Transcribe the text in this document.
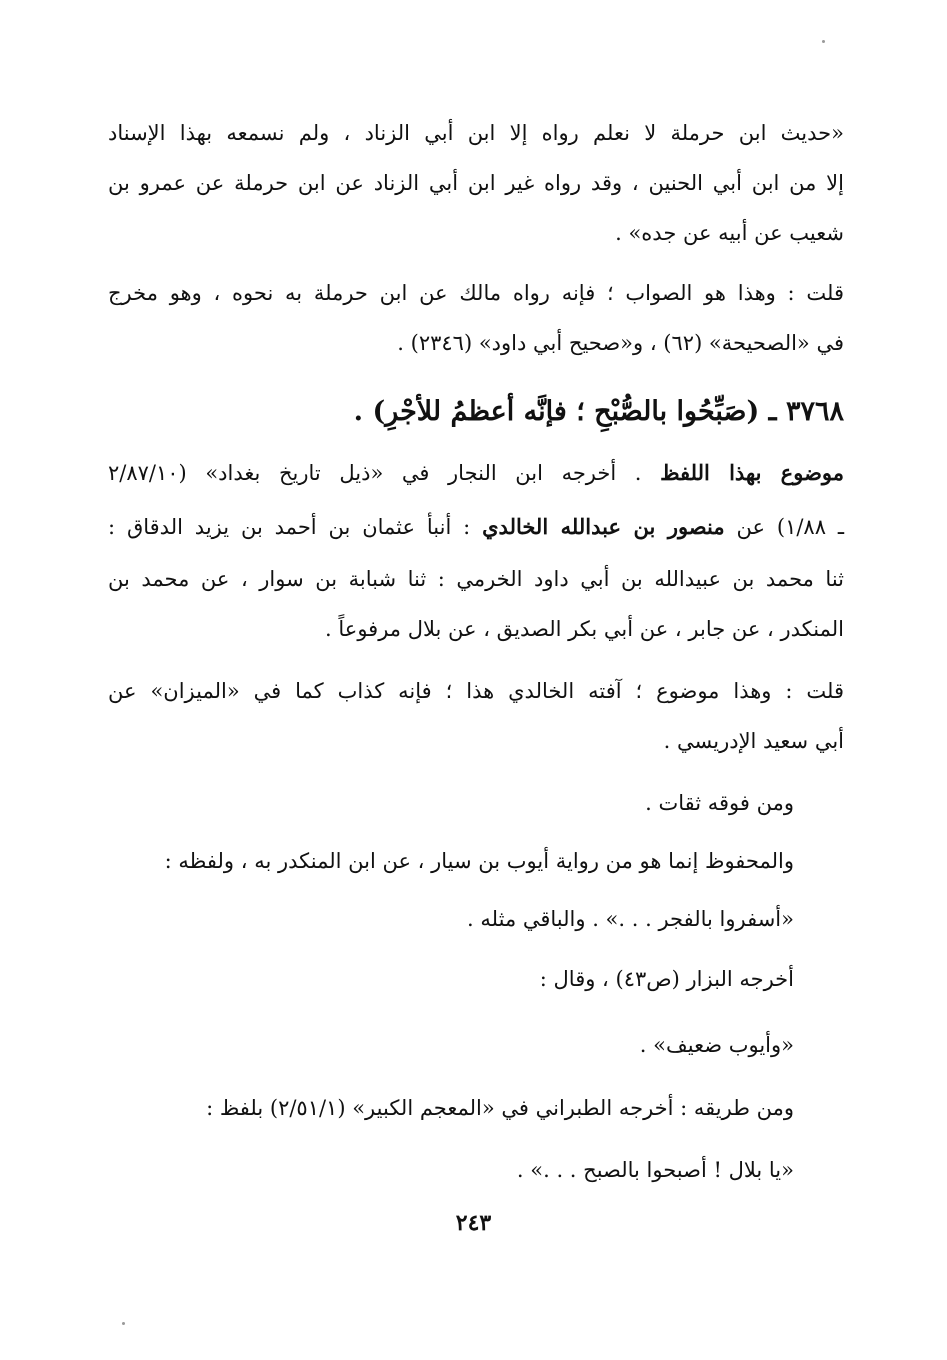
«حديث ابن حرملة لا نعلم رواه إلا ابن أبي الزناد ، ولم نسمعه بهذا الإسناد
إلا من ابن أبي الحنين ، وقد رواه غير ابن أبي الزناد عن ابن حرملة عن عمرو بن
شعيب عن أبيه عن جده» .
قلت : وهذا هو الصواب ؛ فإنه رواه مالك عن ابن حرملة به نحوه ، وهو مخرج
في «الصحيحة» (٦٢) ، و«صحيح أبي داود» (٢٣٤٦) .
٣٧٦٨ ـ (صَبِّحُوا بالصُّبْحِ ؛ فإنَّه أعظمُ للأجْرِ) .
موضوع بهذا اللفظ . أخرجه ابن النجار في «ذيل تاريخ بغداد» (٢/٨٧/١٠
ـ ١/٨٨) عن منصور بن عبدالله الخالدي : أنبأ عثمان بن أحمد بن يزيد الدقاق :
ثنا محمد بن عبيدالله بن أبي داود الخرمي : ثنا شبابة بن سوار ، عن محمد بن
المنكدر ، عن جابر ، عن أبي بكر الصديق ، عن بلال مرفوعاً .
قلت : وهذا موضوع ؛ آفته الخالدي هذا ؛ فإنه كذاب كما في «الميزان» عن
أبي سعيد الإدريسي .
ومن فوقه ثقات .
والمحفوظ إنما هو من رواية أيوب بن سيار ، عن ابن المنكدر به ، ولفظه :
«أسفروا بالفجر . . .» . والباقي مثله .
أخرجه البزار (ص٤٣) ، وقال :
«وأيوب ضعيف» .
ومن طريقه : أخرجه الطبراني في «المعجم الكبير» (٢/٥١/١) بلفظ :
«يا بلال ! أصبحوا بالصبح . . .» .
٢٤٣
